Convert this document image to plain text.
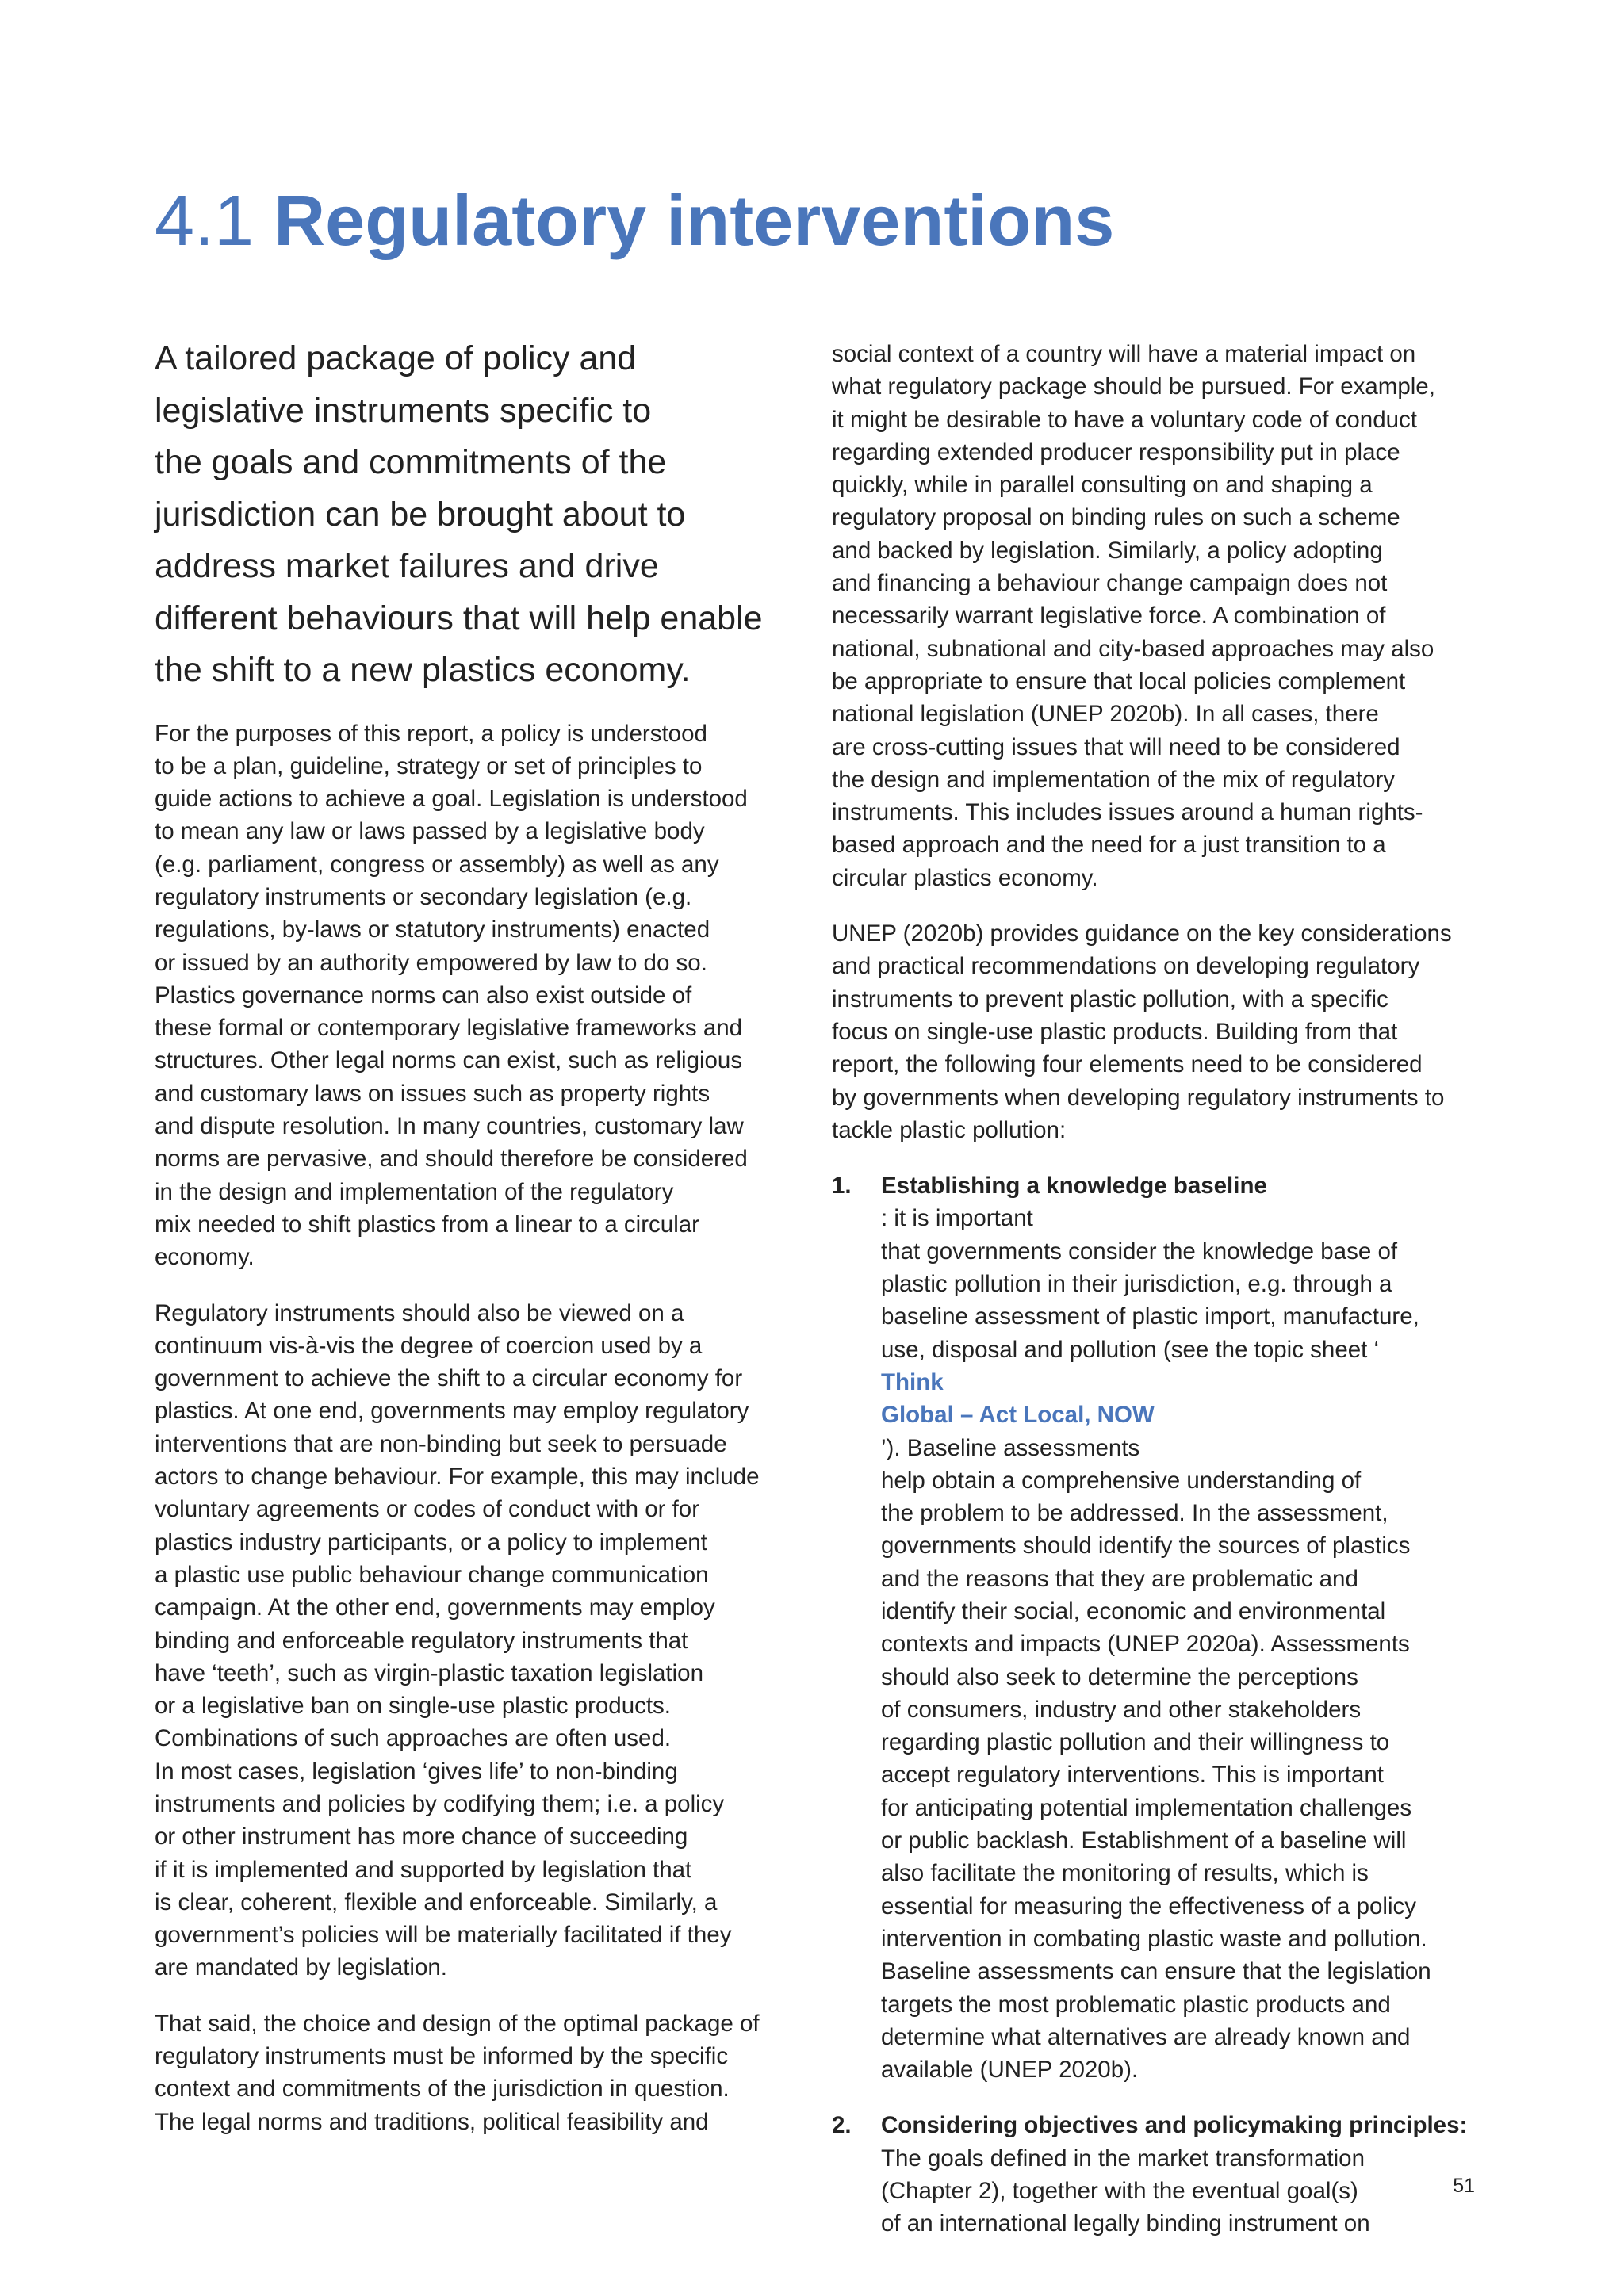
4.1 Regulatory interventions
A tailored package of policy and
legislative instruments specific to
the goals and commitments of the
jurisdiction can be brought about to
address market failures and drive
different behaviours that will help enable
the shift to a new plastics economy.

For the purposes of this report, a policy is understood
to be a plan, guideline, strategy or set of principles to
guide actions to achieve a goal. Legislation is understood
to mean any law or laws passed by a legislative body
(e.g. parliament, congress or assembly) as well as any
regulatory instruments or secondary legislation (e.g.
regulations, by-laws or statutory instruments) enacted
or issued by an authority empowered by law to do so.
Plastics governance norms can also exist outside of
these formal or contemporary legislative frameworks and
structures. Other legal norms can exist, such as religious
and customary laws on issues such as property rights
and dispute resolution. In many countries, customary law
norms are pervasive, and should therefore be considered
in the design and implementation of the regulatory
mix needed to shift plastics from a linear to a circular
economy.

Regulatory instruments should also be viewed on a
continuum vis-à-vis the degree of coercion used by a
government to achieve the shift to a circular economy for
plastics. At one end, governments may employ regulatory
interventions that are non-binding but seek to persuade
actors to change behaviour. For example, this may include
voluntary agreements or codes of conduct with or for
plastics industry participants, or a policy to implement
a plastic use public behaviour change communication
campaign. At the other end, governments may employ
binding and enforceable regulatory instruments that
have ‘teeth’, such as virgin-plastic taxation legislation
or a legislative ban on single-use plastic products.
Combinations of such approaches are often used.
In most cases, legislation ‘gives life’ to non-binding
instruments and policies by codifying them; i.e. a policy
or other instrument has more chance of succeeding
if it is implemented and supported by legislation that
is clear, coherent, flexible and enforceable. Similarly, a
government’s policies will be materially facilitated if they
are mandated by legislation.

That said, the choice and design of the optimal package of
regulatory instruments must be informed by the specific
context and commitments of the jurisdiction in question.
The legal norms and traditions, political feasibility and

social context of a country will have a material impact on
what regulatory package should be pursued. For example,
it might be desirable to have a voluntary code of conduct
regarding extended producer responsibility put in place
quickly, while in parallel consulting on and shaping a
regulatory proposal on binding rules on such a scheme
and backed by legislation. Similarly, a policy adopting
and financing a behaviour change campaign does not
necessarily warrant legislative force. A combination of
national, subnational and city-based approaches may also
be appropriate to ensure that local policies complement
national legislation (UNEP 2020b). In all cases, there
are cross-cutting issues that will need to be considered
the design and implementation of the mix of regulatory
instruments. This includes issues around a human rights-
based approach and the need for a just transition to a
circular plastics economy.

UNEP (2020b) provides guidance on the key considerations
and practical recommendations on developing regulatory
instruments to prevent plastic pollution, with a specific
focus on single-use plastic products. Building from that
report, the following four elements need to be considered
by governments when developing regulatory instruments to
tackle plastic pollution:

1. Establishing a knowledge baseline
: it is important
that governments consider the knowledge base of
plastic pollution in their jurisdiction, e.g. through a
baseline assessment of plastic import, manufacture,
use, disposal and pollution (see the topic sheet ‘
Think
Global – Act Local, NOW
’). Baseline assessments
help obtain a comprehensive understanding of
the problem to be addressed. In the assessment,
governments should identify the sources of plastics
and the reasons that they are problematic and
identify their social, economic and environmental
contexts and impacts (UNEP 2020a). Assessments
should also seek to determine the perceptions
of consumers, industry and other stakeholders
regarding plastic pollution and their willingness to
accept regulatory interventions. This is important
for anticipating potential implementation challenges
or public backlash. Establishment of a baseline will
also facilitate the monitoring of results, which is
essential for measuring the effectiveness of a policy
intervention in combating plastic waste and pollution.
Baseline assessments can ensure that the legislation
targets the most problematic plastic products and
determine what alternatives are already known and
available (UNEP 2020b).
2. Considering objectives and policymaking principles:
The goals defined in the market transformation
(Chapter 2), together with the eventual goal(s)
of an international legally binding instrument on
51
